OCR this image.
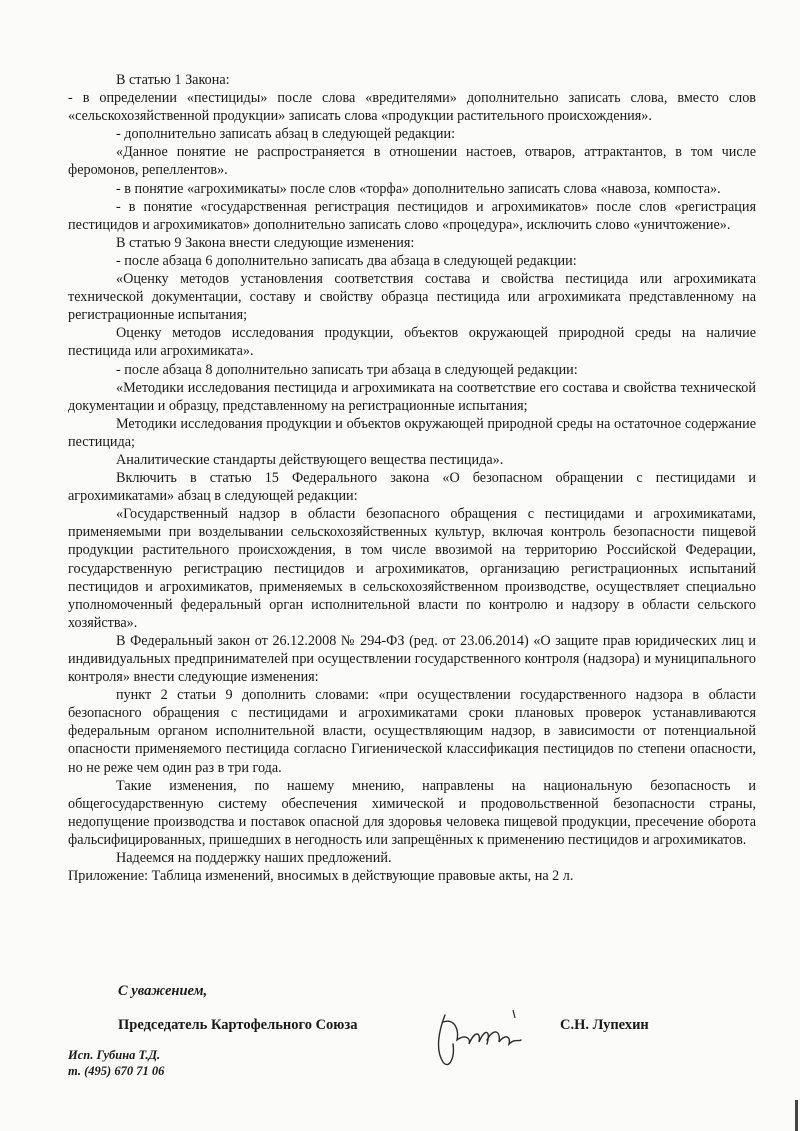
В статью 1 Закона:

- в определении «пестициды» после слова «вредителями» дополнительно записать слова, вместо слов «сельскохозяйственной продукции» записать слова «продукции растительного происхождения».

- дополнительно записать абзац в следующей редакции:

«Данное понятие не распространяется в отношении настоев, отваров, аттрактантов, в том числе феромонов, репеллентов».

- в понятие «агрохимикаты» после слов «торфа» дополнительно записать слова «навоза, компоста».

- в понятие «государственная регистрация пестицидов и агрохимикатов» после слов «регистрация пестицидов и агрохимикатов» дополнительно записать слово «процедура», исключить слово «уничтожение».

В статью 9 Закона внести следующие изменения:

- после абзаца 6 дополнительно записать два абзаца в следующей редакции:

«Оценку методов установления соответствия состава и свойства пестицида или агрохимиката технической документации, составу и свойству образца пестицида или агрохимиката представленному на регистрационные испытания;

Оценку методов исследования продукции, объектов окружающей природной среды на наличие пестицида или агрохимиката».

- после абзаца 8 дополнительно записать три абзаца в следующей редакции:

«Методики исследования пестицида и агрохимиката на соответствие его состава и свойства технической документации и образцу, представленному на регистрационные испытания;

Методики исследования продукции и объектов окружающей природной среды на остаточное содержание пестицида;

Аналитические стандарты действующего вещества пестицида».

Включить в статью 15 Федерального закона «О безопасном обращении с пестицидами и агрохимикатами» абзац в следующей редакции:

«Государственный надзор в области безопасного обращения с пестицидами и агрохимикатами, применяемыми при возделывании сельскохозяйственных культур, включая контроль безопасности пищевой продукции растительного происхождения, в том числе ввозимой на территорию Российской Федерации, государственную регистрацию пестицидов и агрохимикатов, организацию регистрационных испытаний пестицидов и агрохимикатов, применяемых в сельскохозяйственном производстве, осуществляет специально уполномоченный федеральный орган исполнительной власти по контролю и надзору в области сельского хозяйства».

В Федеральный закон от 26.12.2008 № 294-ФЗ (ред. от 23.06.2014) «О защите прав юридических лиц и индивидуальных предпринимателей при осуществлении государственного контроля (надзора) и муниципального контроля» внести следующие изменения:

пункт 2 статьи 9 дополнить словами: «при осуществлении государственного надзора в области безопасного обращения с пестицидами и агрохимикатами сроки плановых проверок устанавливаются федеральным органом исполнительной власти, осуществляющим надзор, в зависимости от потенциальной опасности применяемого пестицида согласно Гигиенической классификация пестицидов по степени опасности, но не реже чем один раз в три года.

Такие изменения, по нашему мнению, направлены на национальную безопасность и общегосударственную систему обеспечения химической и продовольственной безопасности страны, недопущение производства и поставок опасной для здоровья человека пищевой продукции, пресечение оборота фальсифицированных, пришедших в негодность или запрещённых к применению пестицидов и агрохимикатов.

Надеемся на поддержку наших предложений.

Приложение: Таблица изменений, вносимых в действующие правовые акты, на 2 л.

С уважением,
Председатель Картофельного Союза	С.Н. Лупехин
Исп. Губина Т.Д.
т. (495) 670 71 06
